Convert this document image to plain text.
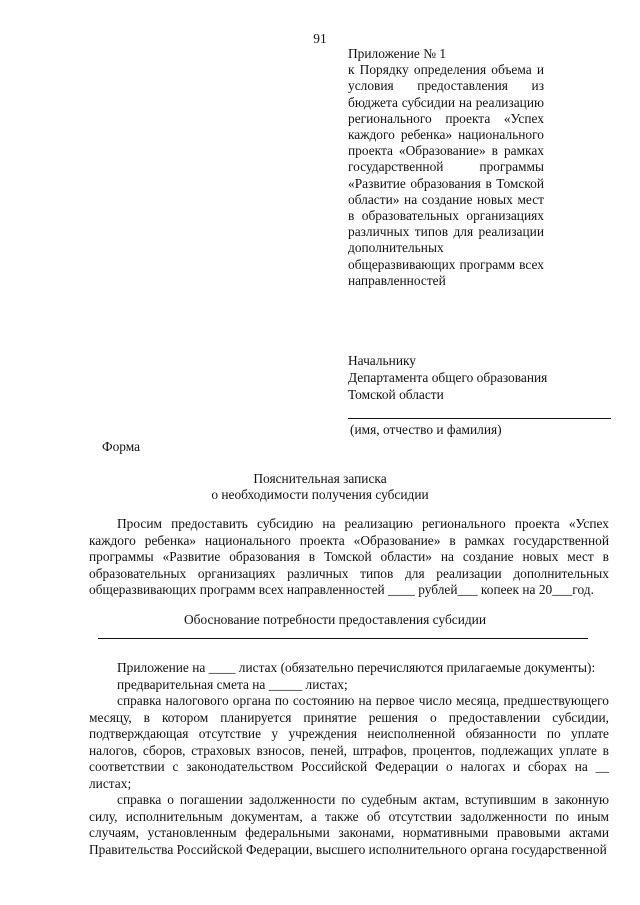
91
Приложение № 1
к Порядку определения объема и условия предоставления из бюджета субсидии на реализацию регионального проекта «Успех каждого ребенка» национального проекта «Образование» в рамках государственной программы «Развитие образования в Томской области» на создание новых мест в образовательных организациях различных типов для реализации дополнительных общеразвивающих программ всех направленностей
Начальнику
Департамента общего образования
Томской области
(имя, отчество и фамилия)
Форма
Пояснительная записка
о необходимости получения субсидии

Просим предоставить субсидию на реализацию регионального проекта «Успех каждого ребенка» национального проекта «Образование» в рамках государственной программы «Развитие образования в Томской области» на создание новых мест в образовательных организациях различных типов для реализации дополнительных общеразвивающих программ всех направленностей ____ рублей___ копеек на 20___год.

Обоснование потребности предоставления субсидии

Приложение на ____ листах (обязательно перечисляются прилагаемые документы):

предварительная смета на _____ листах;

справка налогового органа по состоянию на первое число месяца, предшествующего месяцу, в котором планируется принятие решения о предоставлении субсидии, подтверждающая отсутствие у учреждения неисполненной обязанности по уплате налогов, сборов, страховых взносов, пеней, штрафов, процентов, подлежащих уплате в соответствии с законодательством Российской Федерации о налогах и сборах на __ листах;

справка о погашении задолженности по судебным актам, вступившим в законную силу, исполнительным документам, а также об отсутствии задолженности по иным случаям, установленным федеральными законами, нормативными правовыми актами Правительства Российской Федерации, высшего исполнительного органа государственной
